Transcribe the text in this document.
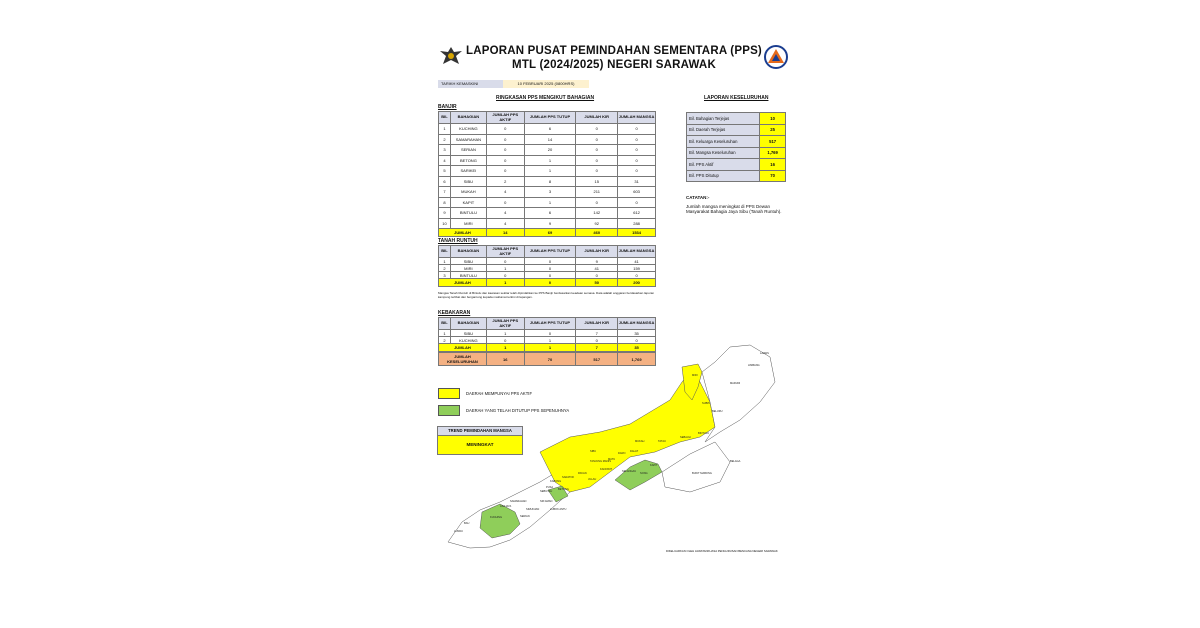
LAPORAN PUSAT PEMINDAHAN SEMENTARA (PPS)
MTL (2024/2025) NEGERI SARAWAK
TARIKH KEMASKINI	10 FEBRUARI 2025 (0800HRS)
RINGKASAN PPS MENGIKUT BAHAGIAN	LAPORAN KESELURUHAN
BANJIR
BIL	BAHAGIAN	JUMLAH PPS AKTIF	JUMLAH PPS TUTUP	JUMLAH KIR	JUMLAH MANGSA
1	KUCHING	0	6	0	0
2	SAMARAHAN	0	14	0	0
3	SERIAN	0	20	0	0
4	BETONG	0	1	0	0
5	SARIKEI	0	1	0	0
6	SIBU	2	8	15	31
7	MUKAH	4	3	211	603
8	KAPIT	0	1	0	0
9	BINTULU	4	6	142	612
10	MIRI	4	9	92	288
JUMLAH		14	69	460	1534
TANAH RUNTUH
BIL	BAHAGIAN	JUMLAH PPS AKTIF	JUMLAH PPS TUTUP	JUMLAH KIR	JUMLAH MANGSA
1	SIBU	0	0	9	41
2	MIRI	1	0	41	159
3	BINTULU	0	0	0	0
JUMLAH		1	0	50	200
Mangsa Tanah Runtuh di Bintulu dan kawasan sekitar telah dipindahkan ke PPS Banjir berdasarkan keadaan semasa. Data adalah anggaran berdasarkan laporan kampung terlibat dan bergantung kepada maklumat terkini di lapangan.
KEBAKARAN
BIL	BAHAGIAN	JUMLAH PPS AKTIF	JUMLAH PPS TUTUP	JUMLAH KIR	JUMLAH MANGSA
1	SIBU	1	0	7	35
2	KUCHING	0	1	0	0
JUMLAH		1	1	7	35
JUMLAH KESELURUHAN	16	70	517	1,769
Bil. Bahagian Terjejas	10
Bil. Daerah Terjejas	25
Bil. Keluarga Keseluruhan	517
Bil. Mangsa Keseluruhan	1,769
Bil. PPS Aktif	16
Bil. PPS Ditutup	70
CATATAN:-
Jumlah mangsa meningkat di PPS Dewan Masyarakat Bahagia Jaya Sibu (Tanah Runtuh).
MIRI
MARUDI
LIMBANG
LAWAS
SUBIS
BELURU
BINTULU
SEBAUH
BELAGA
TATAU
MUKAH
DALAT
DARO
MATU
TANJUNG MANIS
SELANGAU
KANOWIT
JULAU
PAKAN
SARATOK
BETONG
KAPIT
SONG	BUKIT MABONG
SIBU
SRI AMAN
LUBOK ANTU
SERIAN
SAMARAHAN
ASAJAYA
KUCHING
BAU
LUNDU
SIMUNJAN
SEBUYAU
KABONG
PUSA
DAERAH MEMPUNYAI PPS AKTIF
DAERAH YANG TELAH DITUTUP PPS SEPENUHNYA
TREND PEMINDAHAN MANGSA
MENINGKAT
DIKELUARKAN OLEH JAWATANKUASA PENGURUSAN BENCANA NEGERI SARAWAK
